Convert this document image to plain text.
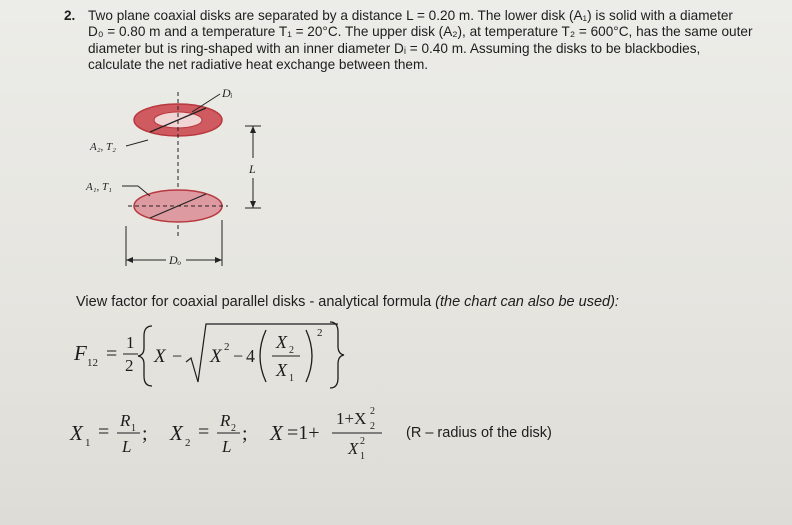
2. Two plane coaxial disks are separated by a distance L = 0.20 m. The lower disk (A₁) is solid with a diameter
D₀ = 0.80 m and a temperature T₁ = 20°C. The upper disk (A₂), at temperature T₂ = 600°C, has the same outer
diameter but is ring-shaped with an inner diameter Dᵢ = 0.40 m. Assuming the disks to be blackbodies,
calculate the net radiative heat exchange between them.
Dᵢ
A₂, T₂
A₁, T₁
L
Dₒ
View factor for coaxial parallel disks - analytical formula (the chart can also be used):
F 12 =
1
2 X − X 2 − 4
X 2
X 1
2
X 1 =
R 1
L
; X 2 =
R 2
L
; X =1+
1+X 2
2
X 2
1
(R – radius of the disk)
